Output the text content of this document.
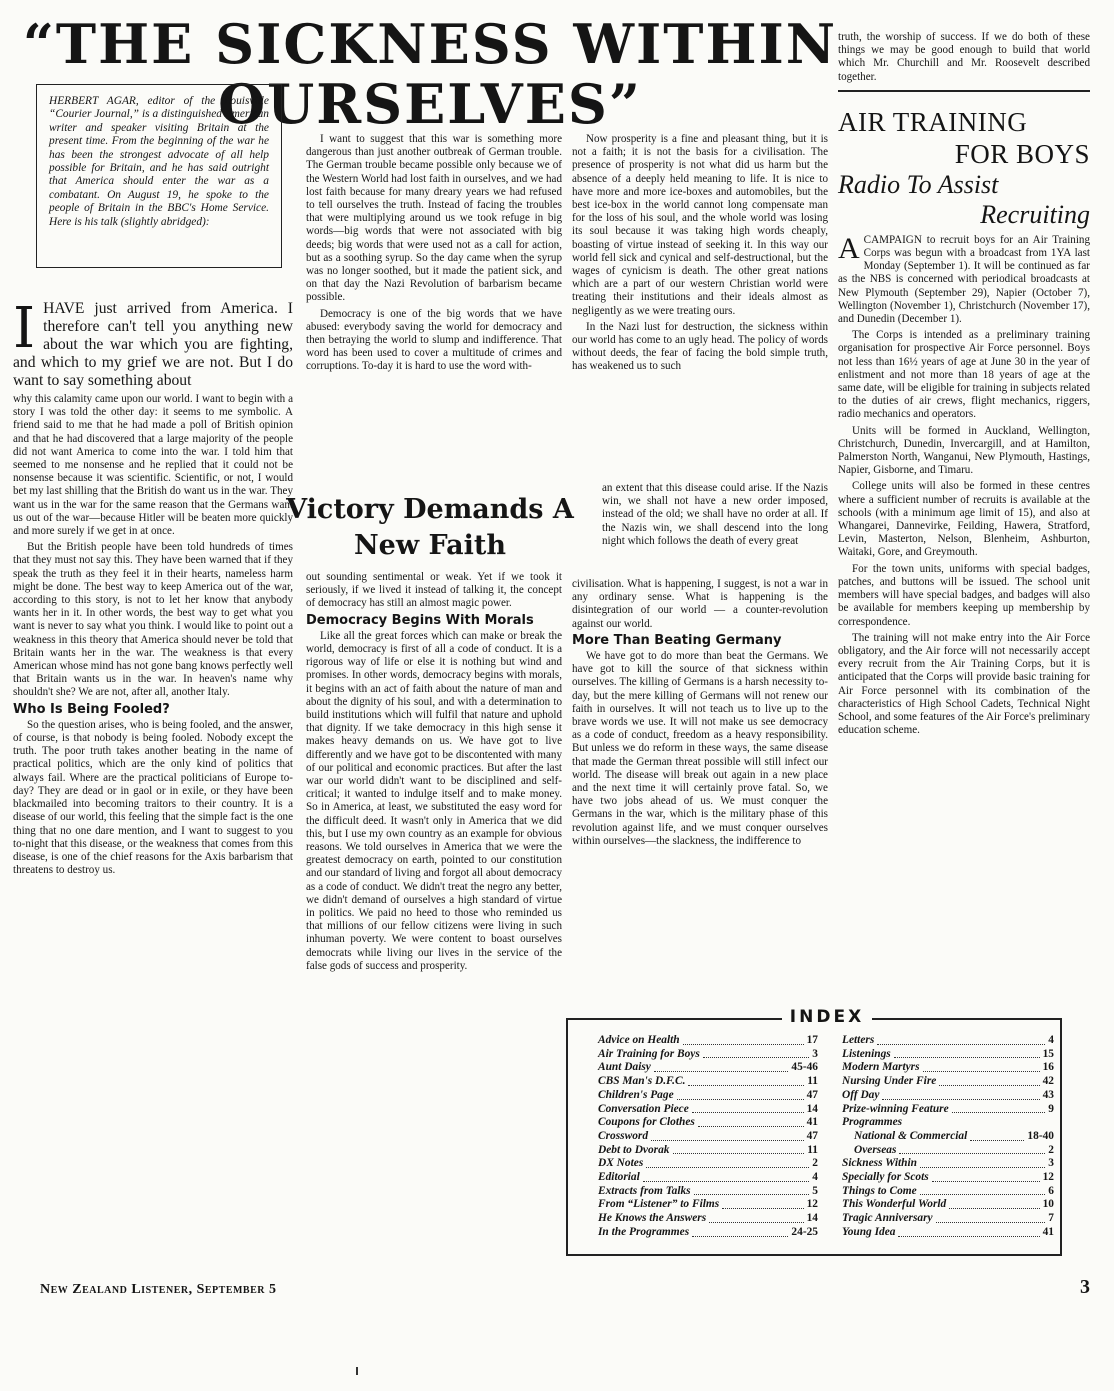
“THE SICKNESS WITHIN OURSELVES”
HERBERT AGAR, editor of the Louisville “Courier Journal,” is a distinguished American writer and speaker visiting Britain at the present time. From the beginning of the war he has been the strongest advocate of all help possible for Britain, and he has said outright that America should enter the war as a combatant. On August 19, he spoke to the people of Britain in the BBC's Home Service. Here is his talk (slightly abridged):

IHAVE just arrived from America. I therefore can't tell you anything new about the war which you are fighting, and which to my grief we are not. But I do want to say something about

why this calamity came upon our world. I want to begin with a story I was told the other day: it seems to me symbolic. A friend said to me that he had made a poll of British opinion and that he had discovered that a large majority of the people did not want America to come into the war. I told him that seemed to me nonsense and he replied that it could not be nonsense because it was scientific. Scientific, or not, I would bet my last shilling that the British do want us in the war. They want us in the war for the same reason that the Germans want us out of the war—because Hitler will be beaten more quickly and more surely if we get in at once.

But the British people have been told hundreds of times that they must not say this. They have been warned that if they speak the truth as they feel it in their hearts, nameless harm might be done. The best way to keep America out of the war, according to this story, is not to let her know that anybody wants her in it. In other words, the best way to get what you want is never to say what you think. I would like to point out a weakness in this theory that America should never be told that Britain wants her in the war. The weakness is that every American whose mind has not gone bang knows perfectly well that Britain wants us in the war. In heaven's name why shouldn't she? We are not, after all, another Italy.

Who Is Being Fooled?

So the question arises, who is being fooled, and the answer, of course, is that nobody is being fooled. Nobody except the truth. The poor truth takes another beating in the name of practical politics, which are the only kind of politics that always fail. Where are the practical politicians of Europe to-day? They are dead or in gaol or in exile, or they have been blackmailed into becoming traitors to their country. It is a disease of our world, this feeling that the simple fact is the one thing that no one dare mention, and I want to suggest to you to-night that this disease, or the weakness that comes from this disease, is one of the chief reasons for the Axis barbarism that threatens to destroy us.

I want to suggest that this war is something more dangerous than just another outbreak of German trouble. The German trouble became possible only because we of the Western World had lost faith in ourselves, and we had lost faith because for many dreary years we had refused to tell ourselves the truth. Instead of facing the troubles that were multiplying around us we took refuge in big words—big words that were not associated with big deeds; big words that were used not as a call for action, but as a soothing syrup. So the day came when the syrup was no longer soothed, but it made the patient sick, and on that day the Nazi Revolution of barbarism became possible.

Democracy is one of the big words that we have abused: everybody saving the world for democracy and then betraying the world to slump and indifference. That word has been used to cover a multitude of crimes and corruptions. To-day it is hard to use the word with-

Victory Demands A New Faith

out sounding sentimental or weak. Yet if we took it seriously, if we lived it instead of talking it, the concept of democracy has still an almost magic power.

Democracy Begins With Morals

Like all the great forces which can make or break the world, democracy is first of all a code of conduct. It is a rigorous way of life or else it is nothing but wind and promises. In other words, democracy begins with morals, it begins with an act of faith about the nature of man and about the dignity of his soul, and with a determination to build institutions which will fulfil that nature and uphold that dignity. If we take democracy in this high sense it makes heavy demands on us. We have got to live differently and we have got to be discontented with many of our political and economic practices. But after the last war our world didn't want to be disciplined and self-critical; it wanted to indulge itself and to make money. So in America, at least, we substituted the easy word for the difficult deed. It wasn't only in America that we did this, but I use my own country as an example for obvious reasons. We told ourselves in America that we were the greatest democracy on earth, pointed to our constitution and our standard of living and forgot all about democracy as a code of conduct. We didn't treat the negro any better, we didn't demand of ourselves a high standard of virtue in politics. We paid no heed to those who reminded us that millions of our fellow citizens were living in such inhuman poverty. We were content to boast ourselves democrats while living our lives in the service of the false gods of success and prosperity.

Now prosperity is a fine and pleasant thing, but it is not a faith; it is not the basis for a civilisation. The presence of prosperity is not what did us harm but the absence of a deeply held meaning to life. It is nice to have more and more ice-boxes and automobiles, but the best ice-box in the world cannot long compensate man for the loss of his soul, and the whole world was losing its soul because it was taking high words cheaply, boasting of virtue instead of seeking it. In this way our world fell sick and cynical and self-destructional, but the wages of cynicism is death. The other great nations which are a part of our western Christian world were treating their institutions and their ideals almost as negligently as we were treating ours.

In the Nazi lust for destruction, the sickness within our world has come to an ugly head. The policy of words without deeds, the fear of facing the bold simple truth, has weakened us to such

an extent that this disease could arise. If the Nazis win, we shall not have a new order imposed, instead of the old; we shall have no order at all. If the Nazis win, we shall descend into the long night which follows the death of every great

civilisation. What is happening, I suggest, is not a war in any ordinary sense. What is happening is the disintegration of our world — a counter-revolution against our world.

More Than Beating Germany

We have got to do more than beat the Germans. We have got to kill the source of that sickness within ourselves. The killing of Germans is a harsh necessity to-day, but the mere killing of Germans will not renew our faith in ourselves. It will not teach us to live up to the brave words we use. It will not make us see democracy as a code of conduct, freedom as a heavy responsibility. But unless we do reform in these ways, the same disease that made the German threat possible will still infect our world. The disease will break out again in a new place and the next time it will certainly prove fatal. So, we have two jobs ahead of us. We must conquer the Germans in the war, which is the military phase of this revolution against life, and we must conquer ourselves within ourselves—the slackness, the indifference to

truth, the worship of success. If we do both of these things we may be good enough to build that world which Mr. Churchill and Mr. Roosevelt described together.

AIR TRAINING
FOR BOYS
Radio To Assist
Recruiting

ACAMPAIGN to recruit boys for an Air Training Corps was begun with a broadcast from 1YA last Monday (September 1). It will be continued as far as the NBS is concerned with periodical broadcasts at New Plymouth (September 29), Napier (October 7), Wellington (November 1), Christchurch (November 17), and Dunedin (December 1).

The Corps is intended as a preliminary training organisation for prospective Air Force personnel. Boys not less than 16½ years of age at June 30 in the year of enlistment and not more than 18 years of age at the same date, will be eligible for training in subjects related to the duties of air crews, flight mechanics, riggers, radio mechanics and operators.

Units will be formed in Auckland, Wellington, Christchurch, Dunedin, Invercargill, and at Hamilton, Palmerston North, Wanganui, New Plymouth, Hastings, Napier, Gisborne, and Timaru.

College units will also be formed in these centres where a sufficient number of recruits is available at the schools (with a minimum age limit of 15), and also at Whangarei, Dannevirke, Feilding, Hawera, Stratford, Levin, Masterton, Nelson, Blenheim, Ashburton, Waitaki, Gore, and Greymouth.

For the town units, uniforms with special badges, patches, and buttons will be issued. The school unit members will have special badges, and badges will also be available for members keeping up membership by correspondence.

The training will not make entry into the Air Force obligatory, and the Air force will not necessarily accept every recruit from the Air Training Corps, but it is anticipated that the Corps will provide basic training for Air Force personnel with its combination of the characteristics of High School Cadets, Technical Night School, and some features of the Air Force's preliminary education scheme.

INDEX
Advice on Health	17
Air Training for Boys	3
Aunt Daisy	45-46
CBS Man's D.F.C.	11
Children's Page	47
Conversation Piece	14
Coupons for Clothes	41
Crossword	47
Debt to Dvorak	11
DX Notes	2
Editorial	4
Extracts from Talks	5
From “Listener” to Films	12
He Knows the Answers	14
In the Programmes	24-25
Letters	4
Listenings	15
Modern Martyrs	16
Nursing Under Fire	42
Off Day	43
Prize-winning Feature	9
Programmes
National & Commercial	18-40
Overseas	2
Sickness Within	3
Specially for Scots	12
Things to Come	6
This Wonderful World	10
Tragic Anniversary	7
Young Idea	41
New Zealand Listener, September 5	3
